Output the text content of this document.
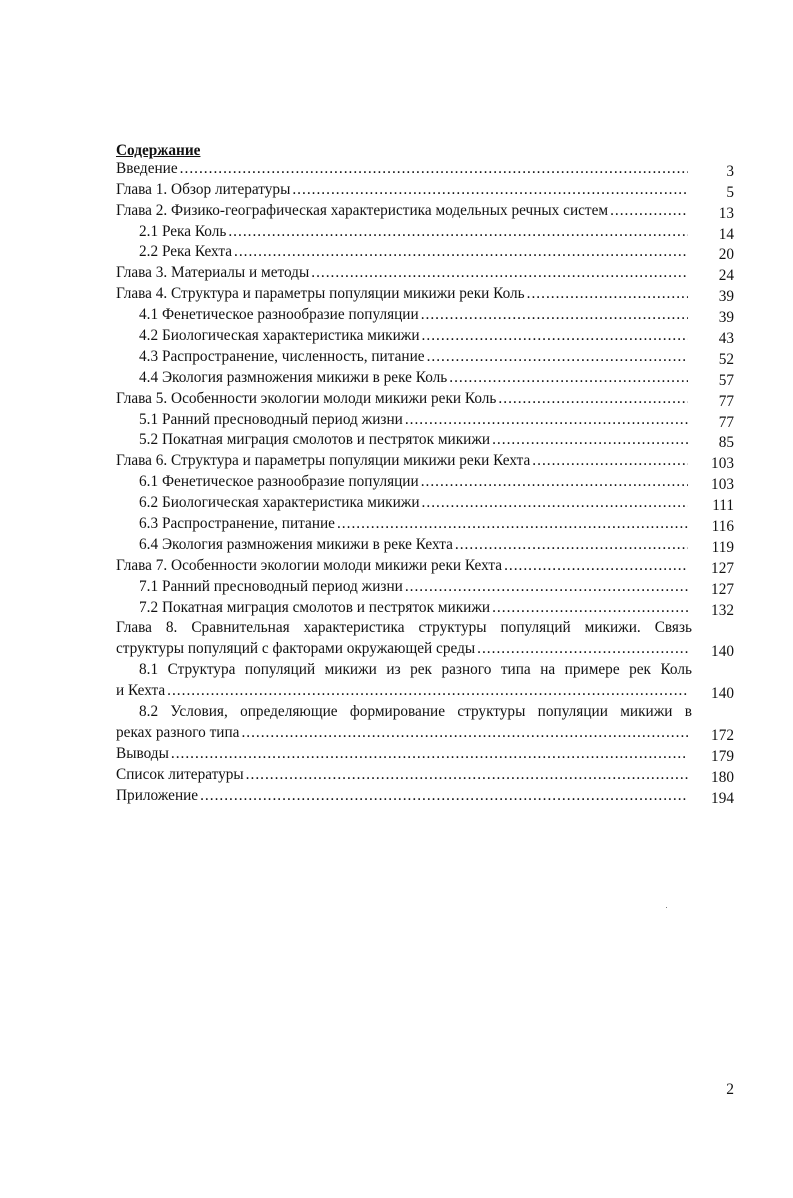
Содержание
Введение .....	3
Глава 1. Обзор литературы .....	5
Глава 2. Физико-географическая характеристика модельных речных систем .....	13
2.1 Река Коль .....	14
2.2 Река Кехта .....	20
Глава 3. Материалы и методы .....	24
Глава 4. Структура и параметры популяции микижи реки Коль .....	39
4.1 Фенетическое разнообразие популяции .....	39
4.2 Биологическая характеристика микижи .....	43
4.3 Распространение, численность, питание .....	52
4.4 Экология размножения микижи в реке Коль .....	57
Глава 5. Особенности экологии молоди микижи реки Коль .....	77
5.1 Ранний пресноводный период жизни .....	77
5.2 Покатная миграция смолотов и пестряток микижи .....	85
Глава 6. Структура и параметры популяции микижи реки Кехта .....	103
6.1 Фенетическое разнообразие популяции .....	103
6.2 Биологическая характеристика микижи .....	111
6.3 Распространение, питание .....	116
6.4 Экология размножения микижи в реке Кехта .....	119
Глава 7. Особенности экологии молоди микижи реки Кехта .....	127
7.1 Ранний пресноводный период жизни .....	127
7.2 Покатная миграция смолотов и пестряток микижи .....	132
Глава 8. Сравнительная характеристика структуры популяций микижи. Связь
структуры популяций с факторами окружающей среды .....	140
8.1 Структура популяций микижи из рек разного типа на примере рек Коль
и Кехта .....	140
8.2 Условия, определяющие формирование структуры популяции микижи в
реках разного типа .....	172
Выводы .....	179
Список литературы .....	180
Приложение .....	194
2
